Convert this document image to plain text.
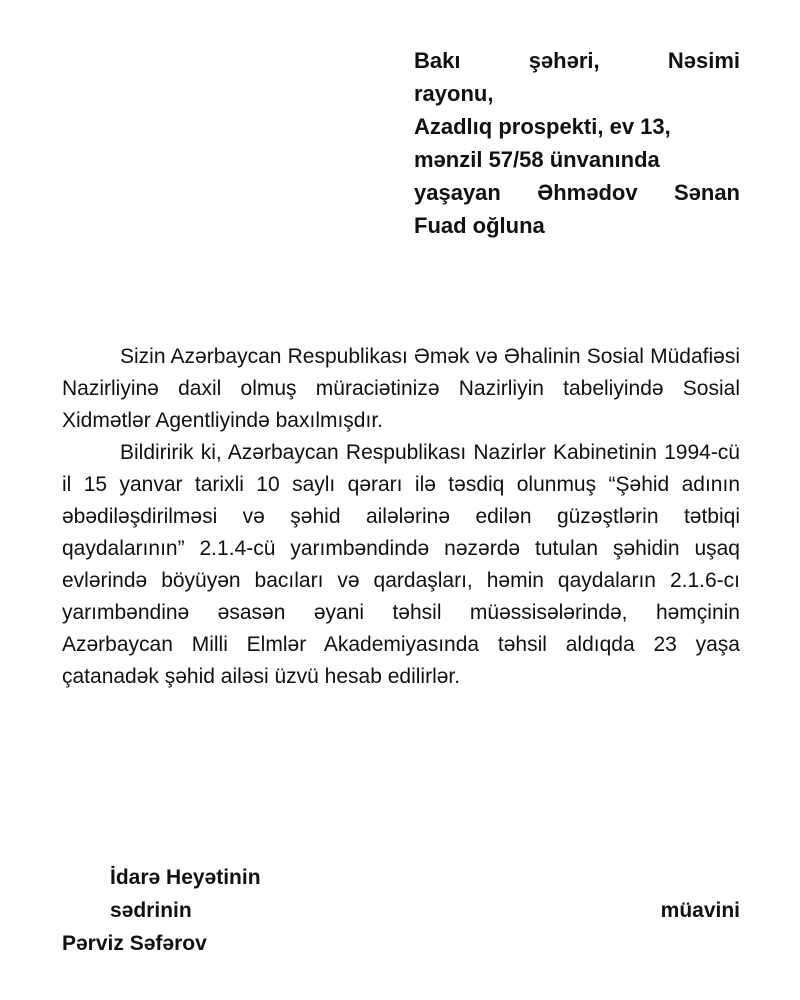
Bakı şəhəri, Nəsimi
rayonu,
Azadlıq prospekti, ev 13,
mənzil 57/58 ünvanında
yaşayan Əhmədov Sənan
Fuad oğluna

Sizin Azərbaycan Respublikası Əmək və Əhalinin Sosial Müdafiəsi Nazirliyinə daxil olmuş müraciətinizə Nazirliyin tabeliyində Sosial Xidmətlər Agentliyində baxılmışdır.

Bildiririk ki, Azərbaycan Respublikası Nazirlər Kabinetinin 1994-cü il 15 yanvar tarixli 10 saylı qərarı ilə təsdiq olunmuş “Şəhid adının əbədiləşdirilməsi və şəhid ailələrinə edilən güzəştlərin tətbiqi qaydalarının” 2.1.4-cü yarımbəndində nəzərdə tutulan şəhidin uşaq evlərində böyüyən bacıları və qardaşları, həmin qaydaların 2.1.6-cı yarımbəndinə əsasən əyani təhsil müəssisələrində, həmçinin Azərbaycan Milli Elmlər Akademiyasında təhsil aldıqda 23 yaşa çatanadək şəhid ailəsi üzvü hesab edilirlər.

İdarə Heyətinin
sədrinin	müavini
Pərviz Səfərov
